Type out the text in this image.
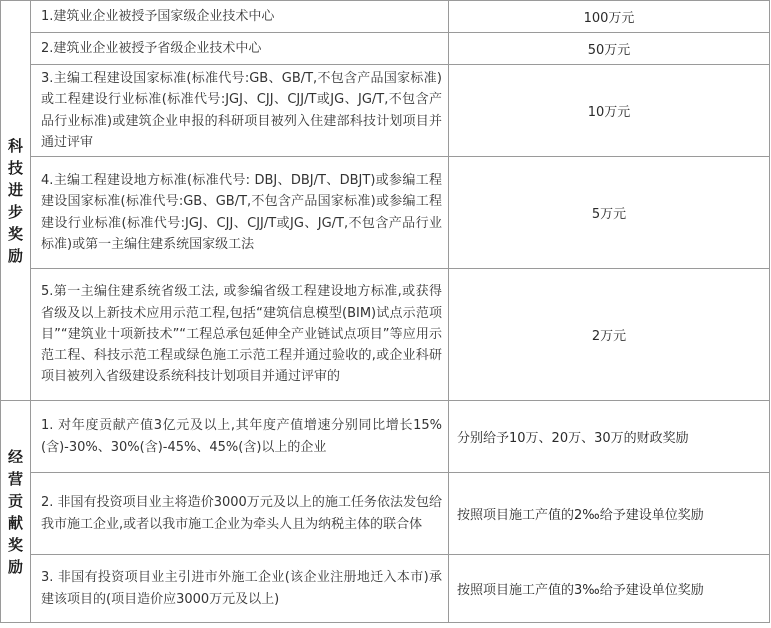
科技进步奖励	1.建筑业企业被授予国家级企业技术中心	100万元
	2.建筑业企业被授予省级企业技术中心	50万元
	3.主编工程建设国家标准(标准代号:GB、GB/T,不包含产品国家标准)或工程建设行业标准(标准代号:JGJ、CJJ、CJJ/T或JG、JG/T,不包含产品行业标准)或建筑企业申报的科研项目被列入住建部科技计划项目并通过评审	10万元
	4.主编工程建设地方标准(标准代号: DBJ、DBJ/T、DBJT)或参编工程建设国家标准(标准代号:GB、GB/T,不包含产品国家标准)或参编工程建设行业标准(标准代号:JGJ、CJJ、CJJ/T或JG、JG/T,不包含产品行业标准)或第一主编住建系统国家级工法	5万元
	5.第一主编住建系统省级工法, 或参编省级工程建设地方标准,或获得省级及以上新技术应用示范工程,包括“建筑信息模型(BIM)试点示范项目”“建筑业十项新技术”“工程总承包延伸全产业链试点项目”等应用示范工程、科技示范工程或绿色施工示范工程并通过验收的,或企业科研项目被列入省级建设系统科技计划项目并通过评审的	2万元
经营贡献奖励	1. 对年度贡献产值3亿元及以上,其年度产值增速分别同比增长15%(含)-30%、30%(含)-45%、45%(含)以上的企业	分别给予10万、20万、30万的财政奖励
	2. 非国有投资项目业主将造价3000万元及以上的施工任务依法发包给我市施工企业,或者以我市施工企业为牵头人且为纳税主体的联合体	按照项目施工产值的2‰给予建设单位奖励
	3. 非国有投资项目业主引进市外施工企业(该企业注册地迁入本市)承建该项目的(项目造价应3000万元及以上)	按照项目施工产值的3‰给予建设单位奖励
